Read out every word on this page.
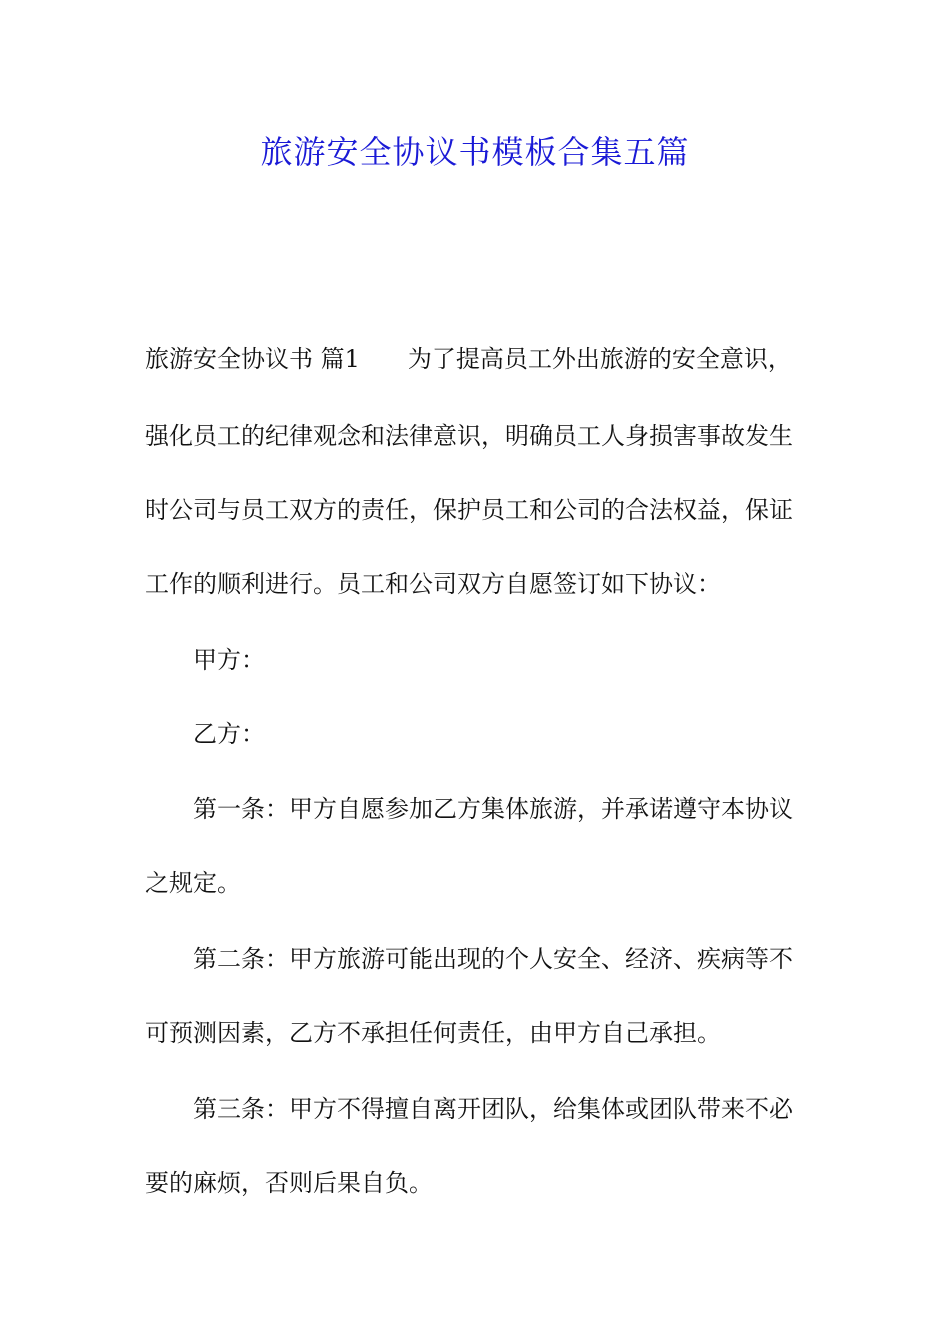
旅游安全协议书模板合集五篇
旅游安全协议书 篇1 为了提高员工外出旅游的安全意识，
强化员工的纪律观念和法律意识，明确员工人身损害事故发生
时公司与员工双方的责任，保护员工和公司的合法权益，保证
工作的顺利进行。员工和公司双方自愿签订如下协议：
甲方：
乙方：
第一条：甲方自愿参加乙方集体旅游，并承诺遵守本协议
之规定。
第二条：甲方旅游可能出现的个人安全、经济、疾病等不
可预测因素，乙方不承担任何责任，由甲方自己承担。
第三条：甲方不得擅自离开团队，给集体或团队带来不必
要的麻烦，否则后果自负。
